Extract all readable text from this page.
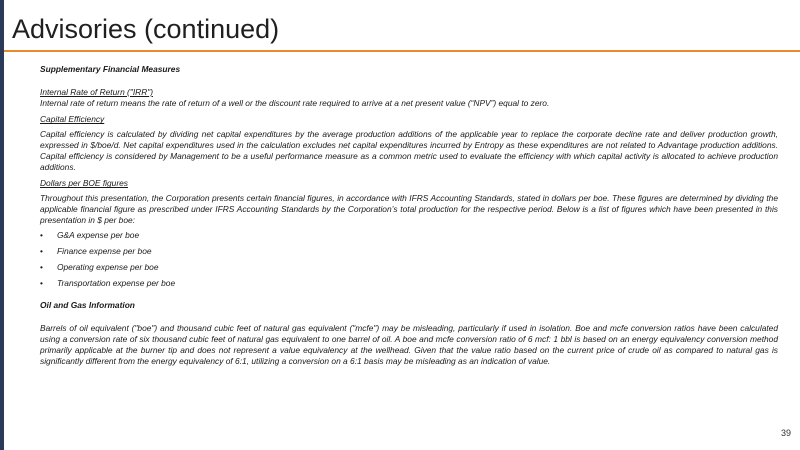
Advisories (continued)
Supplementary Financial Measures
Internal Rate of Return ("IRR")

Internal rate of return means the rate of return of a well or the discount rate required to arrive at a net present value (“NPV”) equal to zero.

Capital Efficiency

Capital efficiency is calculated by dividing net capital expenditures by the average production additions of the applicable year to replace the corporate decline rate and deliver production growth, expressed in $/boe/d. Net capital expenditures used in the calculation excludes net capital expenditures incurred by Entropy as these expenditures are not related to Advantage production additions. Capital efficiency is considered by Management to be a useful performance measure as a common metric used to evaluate the efficiency with which capital activity is allocated to achieve production additions.

Dollars per BOE figures

Throughout this presentation, the Corporation presents certain financial figures, in accordance with IFRS Accounting Standards, stated in dollars per boe. These figures are determined by dividing the applicable financial figure as prescribed under IFRS Accounting Standards by the Corporation’s total production for the respective period. Below is a list of figures which have been presented in this presentation in $ per boe:

• G&A expense per boe
• Finance expense per boe
• Operating expense per boe
• Transportation expense per boe
Oil and Gas Information

Barrels of oil equivalent ("boe") and thousand cubic feet of natural gas equivalent ("mcfe") may be misleading, particularly if used in isolation. Boe and mcfe conversion ratios have been calculated using a conversion rate of six thousand cubic feet of natural gas equivalent to one barrel of oil. A boe and mcfe conversion ratio of 6 mcf: 1 bbl is based on an energy equivalency conversion method primarily applicable at the burner tip and does not represent a value equivalency at the wellhead. Given that the value ratio based on the current price of crude oil as compared to natural gas is significantly different from the energy equivalency of 6:1, utilizing a conversion on a 6:1 basis may be misleading as an indication of value.

39
